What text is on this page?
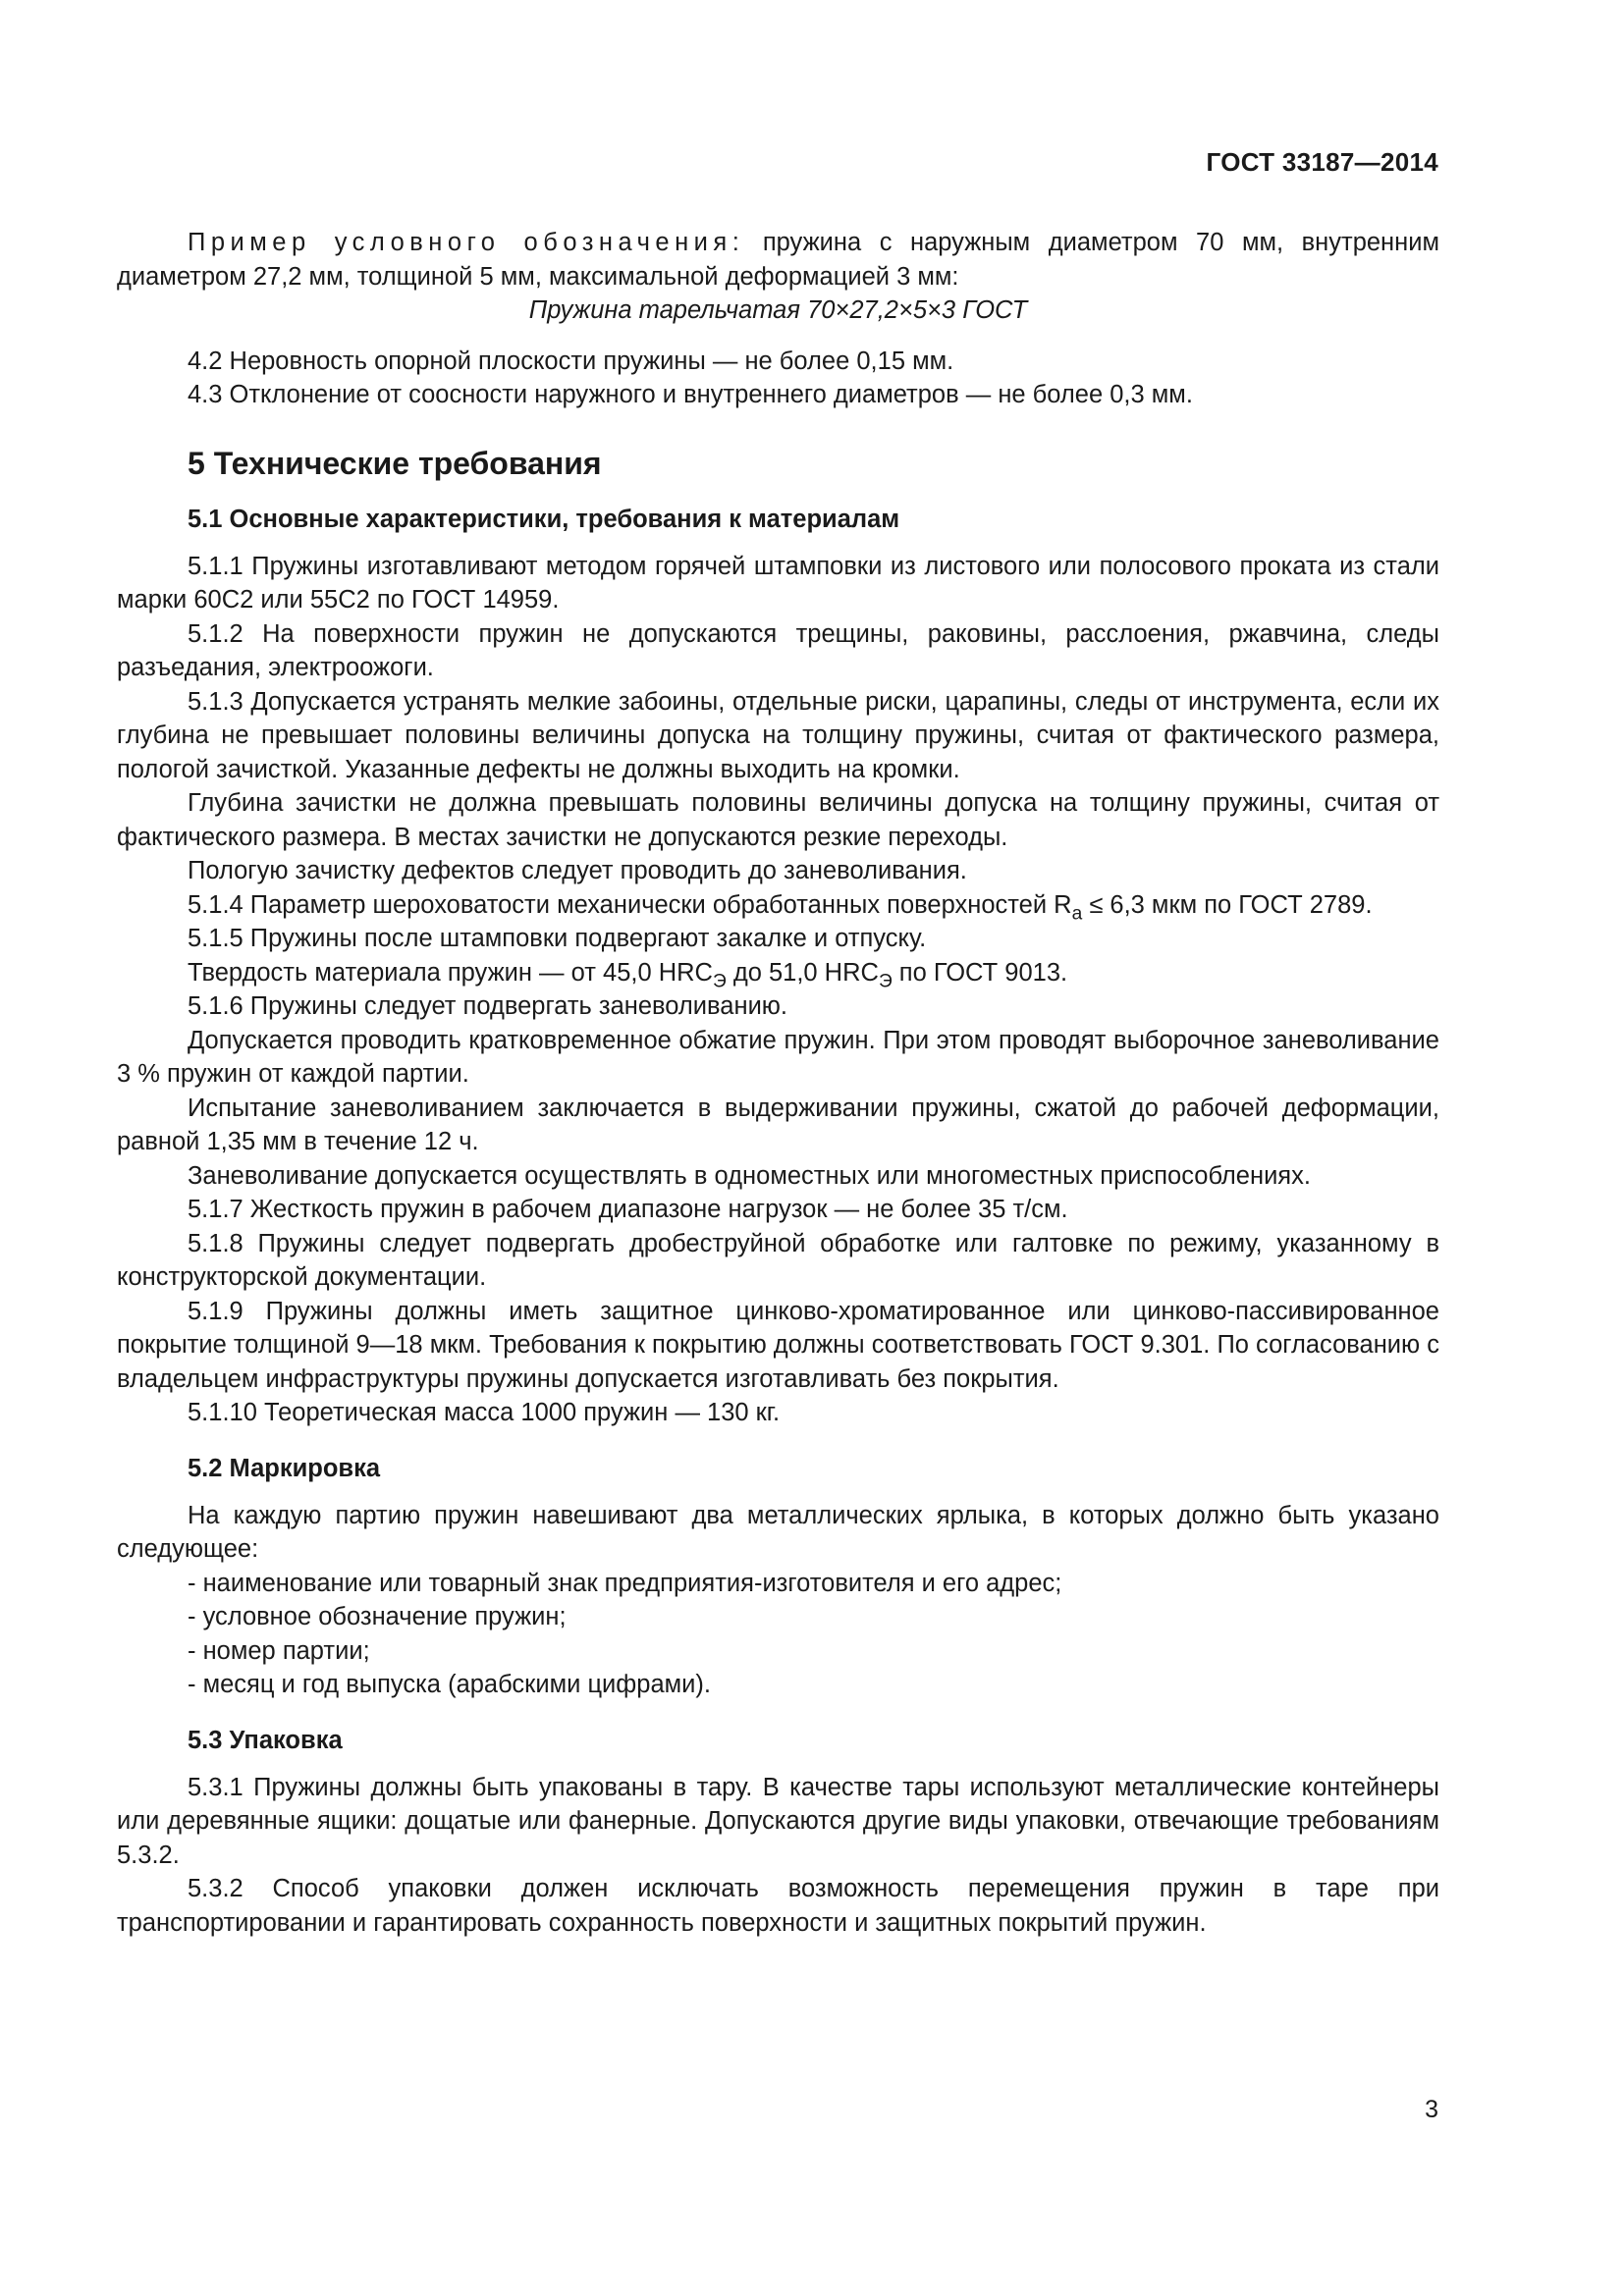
ГОСТ 33187—2014

Пример условного обозначения: пружина с наружным диаметром 70 мм, внутренним диаметром 27,2 мм, толщиной 5 мм, максимальной деформацией 3 мм:

Пружина тарельчатая 70×27,2×5×3 ГОСТ

4.2 Неровность опорной плоскости пружины — не более 0,15 мм.

4.3 Отклонение от соосности наружного и внутреннего диаметров — не более 0,3 мм.

5 Технические требования
5.1 Основные характеристики, требования к материалам

5.1.1 Пружины изготавливают методом горячей штамповки из листового или полосового проката из стали марки 60С2 или 55С2 по ГОСТ 14959.

5.1.2 На поверхности пружин не допускаются трещины, раковины, расслоения, ржавчина, следы разъедания, электроожоги.

5.1.3 Допускается устранять мелкие забоины, отдельные риски, царапины, следы от инструмента, если их глубина не превышает половины величины допуска на толщину пружины, считая от фактического размера, пологой зачисткой. Указанные дефекты не должны выходить на кромки.

Глубина зачистки не должна превышать половины величины допуска на толщину пружины, считая от фактического размера. В местах зачистки не допускаются резкие переходы.

Пологую зачистку дефектов следует проводить до заневоливания.

5.1.4 Параметр шероховатости механически обработанных поверхностей $R_a \le 6,3$ мкм по ГОСТ 2789.

5.1.5 Пружины после штамповки подвергают закалке и отпуску.

Твердость материала пружин — от 45,0 $HRC_Э$ до 51,0 $HRC_Э$ по ГОСТ 9013.

5.1.6 Пружины следует подвергать заневоливанию.

Допускается проводить кратковременное обжатие пружин. При этом проводят выборочное заневоливание 3 % пружин от каждой партии.

Испытание заневоливанием заключается в выдерживании пружины, сжатой до рабочей деформации, равной 1,35 мм в течение 12 ч.

Заневоливание допускается осуществлять в одноместных или многоместных приспособлениях.

5.1.7 Жесткость пружин в рабочем диапазоне нагрузок — не более 35 т/см.

5.1.8 Пружины следует подвергать дробеструйной обработке или галтовке по режиму, указанному в конструкторской документации.

5.1.9 Пружины должны иметь защитное цинково-хроматированное или цинково-пассивированное покрытие толщиной 9—18 мкм. Требования к покрытию должны соответствовать ГОСТ 9.301. По согласованию с владельцем инфраструктуры пружины допускается изготавливать без покрытия.

5.1.10 Теоретическая масса 1000 пружин — 130 кг.

5.2 Маркировка

На каждую партию пружин навешивают два металлических ярлыка, в которых должно быть указано следующее:

- наименование или товарный знак предприятия-изготовителя и его адрес;

- условное обозначение пружин;

- номер партии;

- месяц и год выпуска (арабскими цифрами).

5.3 Упаковка

5.3.1 Пружины должны быть упакованы в тару. В качестве тары используют металлические контейнеры или деревянные ящики: дощатые или фанерные. Допускаются другие виды упаковки, отвечающие требованиям 5.3.2.

5.3.2 Способ упаковки должен исключать возможность перемещения пружин в таре при транспортировании и гарантировать сохранность поверхности и защитных покрытий пружин.

3
